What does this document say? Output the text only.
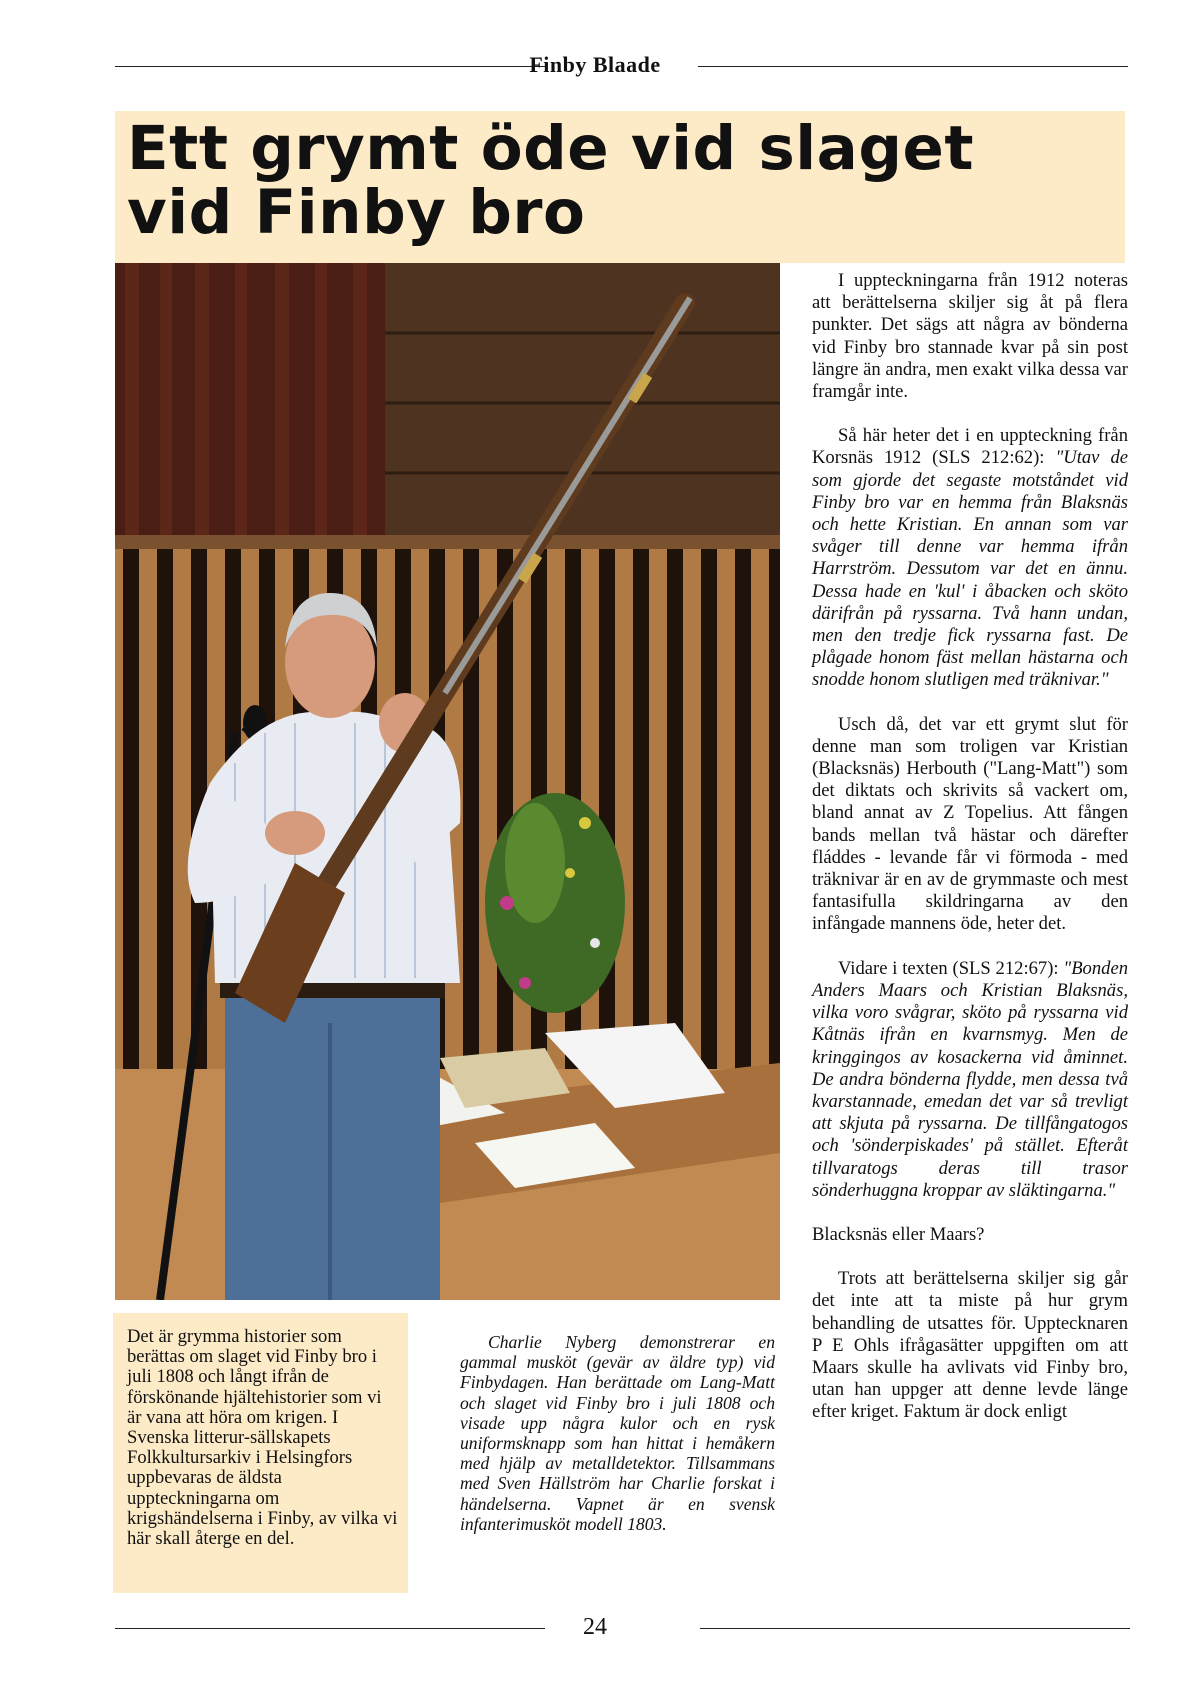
Finby Blaade
Ett grymt öde vid slaget
vid Finby bro

I uppteckningarna från 1912 noteras att berättelserna skiljer sig åt på flera punkter. Det sägs att några av bönderna vid Finby bro stannade kvar på sin post längre än andra, men exakt vilka dessa var framgår inte.

Så här heter det i en uppteckning från Korsnäs 1912 (SLS 212:62): "Utav de som gjorde det segaste motståndet vid Finby bro var en hemma från Blaksnäs och hette Kristian. En annan som var svåger till denne var hemma ifrån Harrström. Dessutom var det en ännu. Dessa hade en 'kul' i åbacken och sköto därifrån på ryssarna. Två hann undan, men den tredje fick ryssarna fast. De plågade honom fäst mellan hästarna och snodde honom slutligen med träknivar."

Usch då, det var ett grymt slut för denne man som troligen var Kristian (Blacksnäs) Herbouth ("Lang-Matt") som det diktats och skrivits så vackert om, bland annat av Z Topelius. Att fången bands mellan två hästar och därefter fláddes - levande får vi förmoda - med träknivar är en av de grymmaste och mest fantasifulla skildringarna av den infångade mannens öde, heter det.

Vidare i texten (SLS 212:67): "Bonden Anders Maars och Kristian Blaksnäs, vilka voro svågrar, sköto på ryssarna vid Kåtnäs ifrån en kvarnsmyg. Men de kringgingos av kosackerna vid åminnet. De andra bönderna flydde, men dessa två kvarstannade, emedan det var så trevligt att skjuta på ryssarna. De tillfångatogos och 'sönderpiskades' på stället. Efteråt tillvaratogs deras till trasor sönderhuggna kroppar av släktingarna."

Blacksnäs eller Maars?

Trots att berättelserna skiljer sig går det inte att ta miste på hur grym behandling de utsattes för. Upptecknaren P E Ohls ifrågasätter uppgiften om att Maars skulle ha avlivats vid Finby bro, utan han uppger att denne levde länge efter kriget. Faktum är dock enligt

Det är grymma historier som berättas om slaget vid Finby bro i juli 1808 och långt ifrån de förskönande hjältehistorier som vi är vana att höra om krigen. I Svenska litterur-sällskapets Folkkultursarkiv i Helsingfors uppbevaras de äldsta uppteckningarna om krigshändelserna i Finby, av vilka vi här skall återge en del.
Charlie Nyberg demonstrerar en gammal musköt (gevär av äldre typ) vid Finbydagen. Han berättade om Lang-Matt och slaget vid Finby bro i juli 1808 och visade upp några kulor och en rysk uniformsknapp som han hittat i hemåkern med hjälp av metalldetektor. Tillsammans med Sven Hällström har Charlie forskat i händelserna. Vapnet är en svensk infanterimusköt modell 1803.
24
